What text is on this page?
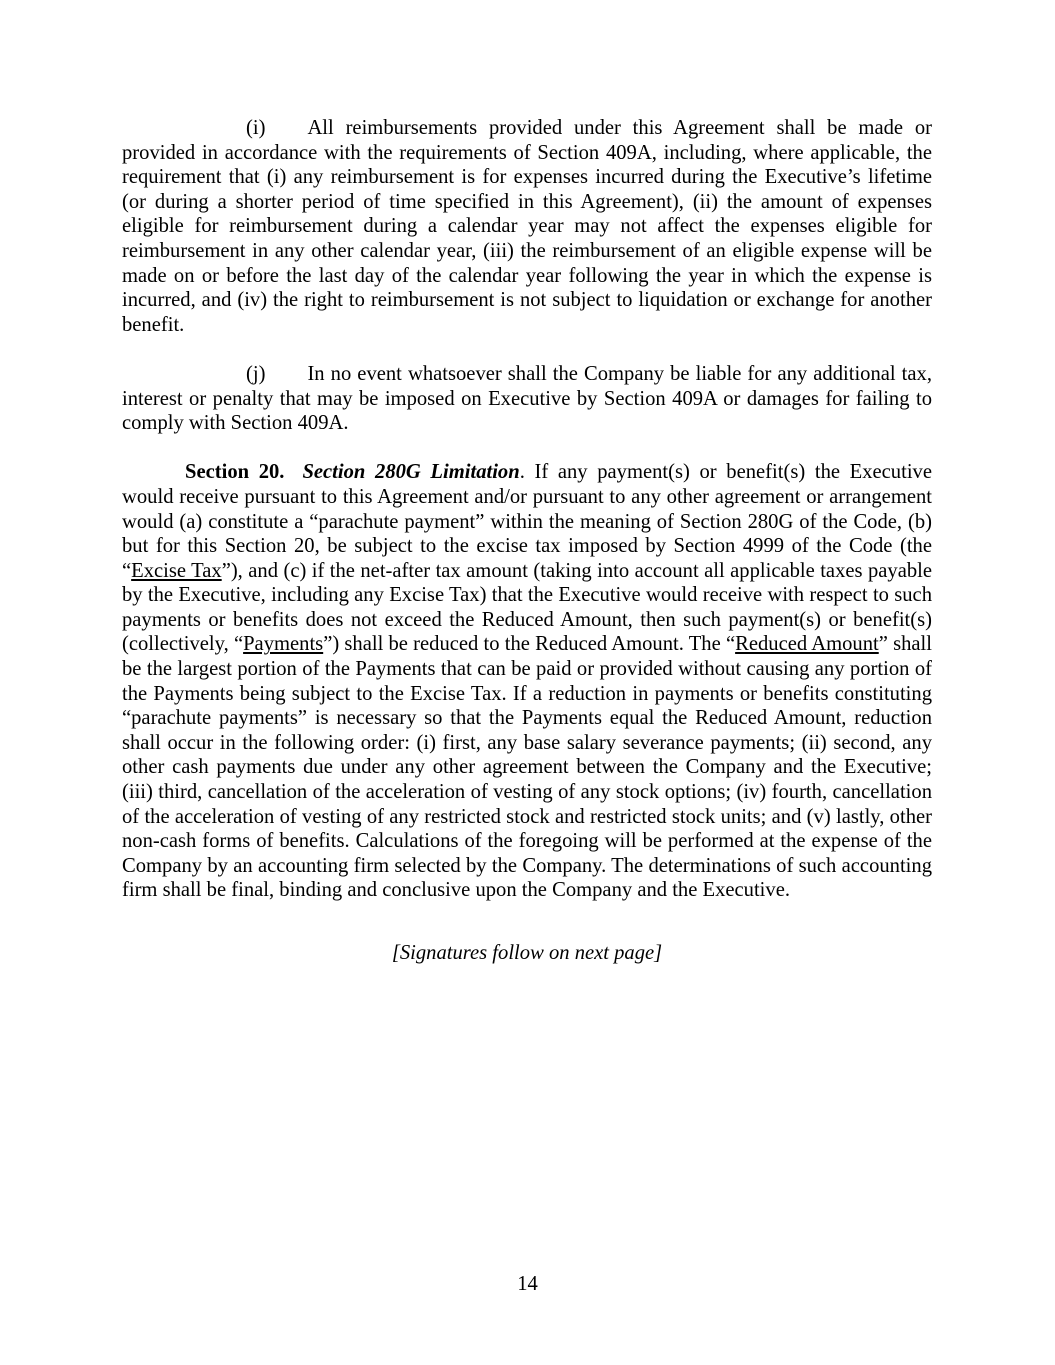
(i) All reimbursements provided under this Agreement shall be made or provided in accordance with the requirements of Section 409A, including, where applicable, the requirement that (i) any reimbursement is for expenses incurred during the Executive’s lifetime (or during a shorter period of time specified in this Agreement), (ii) the amount of expenses eligible for reimbursement during a calendar year may not affect the expenses eligible for reimbursement in any other calendar year, (iii) the reimbursement of an eligible expense will be made on or before the last day of the calendar year following the year in which the expense is incurred, and (iv) the right to reimbursement is not subject to liquidation or exchange for another benefit.

(j) In no event whatsoever shall the Company be liable for any additional tax, interest or penalty that may be imposed on Executive by Section 409A or damages for failing to comply with Section 409A.

Section 20. Section 280G Limitation. If any payment(s) or benefit(s) the Executive would receive pursuant to this Agreement and/or pursuant to any other agreement or arrangement would (a) constitute a “parachute payment” within the meaning of Section 280G of the Code, (b) but for this Section 20, be subject to the excise tax imposed by Section 4999 of the Code (the “Excise Tax”), and (c) if the net-after tax amount (taking into account all applicable taxes payable by the Executive, including any Excise Tax) that the Executive would receive with respect to such payments or benefits does not exceed the Reduced Amount, then such payment(s) or benefit(s) (collectively, “Payments”) shall be reduced to the Reduced Amount. The “Reduced Amount” shall be the largest portion of the Payments that can be paid or provided without causing any portion of the Payments being subject to the Excise Tax. If a reduction in payments or benefits constituting “parachute payments” is necessary so that the Payments equal the Reduced Amount, reduction shall occur in the following order: (i) first, any base salary severance payments; (ii) second, any other cash payments due under any other agreement between the Company and the Executive; (iii) third, cancellation of the acceleration of vesting of any stock options; (iv) fourth, cancellation of the acceleration of vesting of any restricted stock and restricted stock units; and (v) lastly, other non-cash forms of benefits. Calculations of the foregoing will be performed at the expense of the Company by an accounting firm selected by the Company. The determinations of such accounting firm shall be final, binding and conclusive upon the Company and the Executive.

[Signatures follow on next page]

14
